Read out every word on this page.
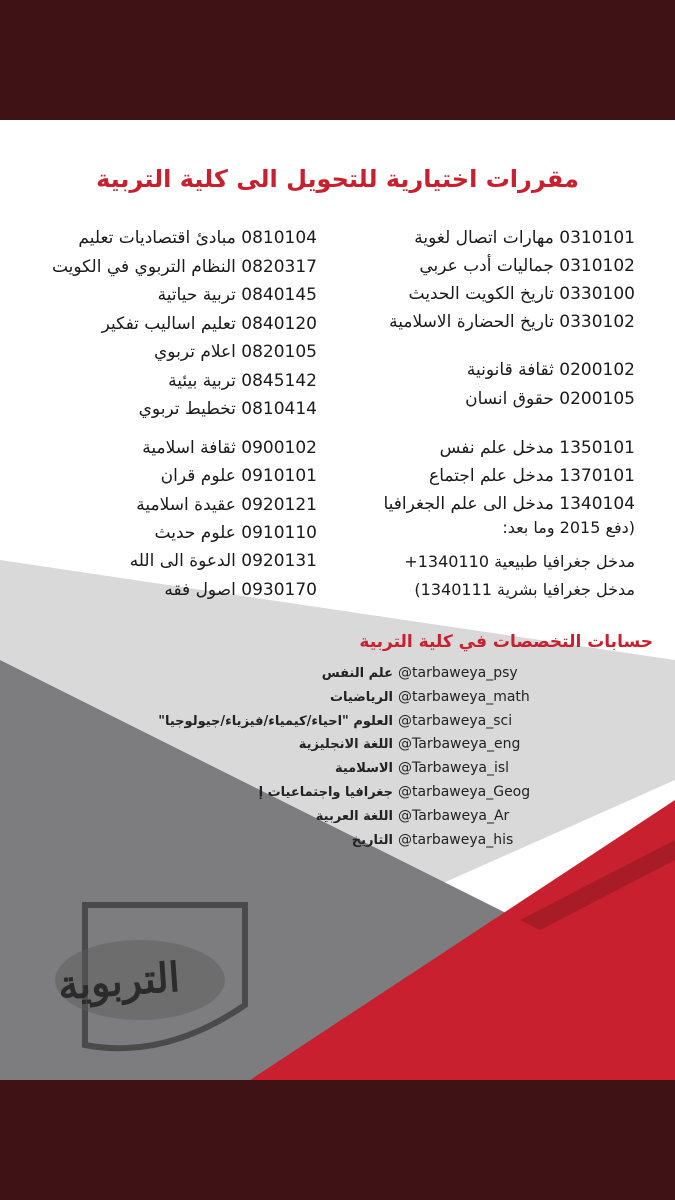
مقررات اختيارية للتحويل الى كلية التربية
0310101 مهارات اتصال لغوية
0310102 جماليات أدب عربي
0330100 تاريخ الكويت الحديث
0330102 تاريخ الحضارة الاسلامية
0200102 ثقافة قانونية
0200105 حقوق انسان
1350101 مدخل علم نفس
1370101 مدخل علم اجتماع
1340104 مدخل الى علم الجغرافيا
(دفع 2015 وما بعد:
مدخل جغرافيا طبيعية 1340110+
مدخل جغرافيا بشرية 1340111)
0810104 مبادئ اقتصاديات تعليم
0820317 النظام التربوي في الكويت
0840145 تربية حياتية
0840120 تعليم اساليب تفكير
0820105 اعلام تربوي
0845142 تربية بيئية
0810414 تخطيط تربوي
0900102 ثقافة اسلامية
0910101 علوم قران
0920121 عقيدة اسلامية
0910110 علوم حديث
0920131 الدعوة الى الله
0930170 اصول فقه
حسابات التخصصات في كلية التربية
@tarbaweya_psy
علم النفس
@tarbaweya_math
الرياضيات
@tarbaweya_sci
العلوم "احياء/كيمياء/فيزياء/جيولوجيا"
@Tarbaweya_eng
اللغة الانجليزية
@Tarbaweya_isl
الاسلامية
@tarbaweya_Geog
جغرافيا واجتماعيات إ
@Tarbaweya_Ar
اللغة العربية
@tarbaweya_his
التاريخ
التربوية
